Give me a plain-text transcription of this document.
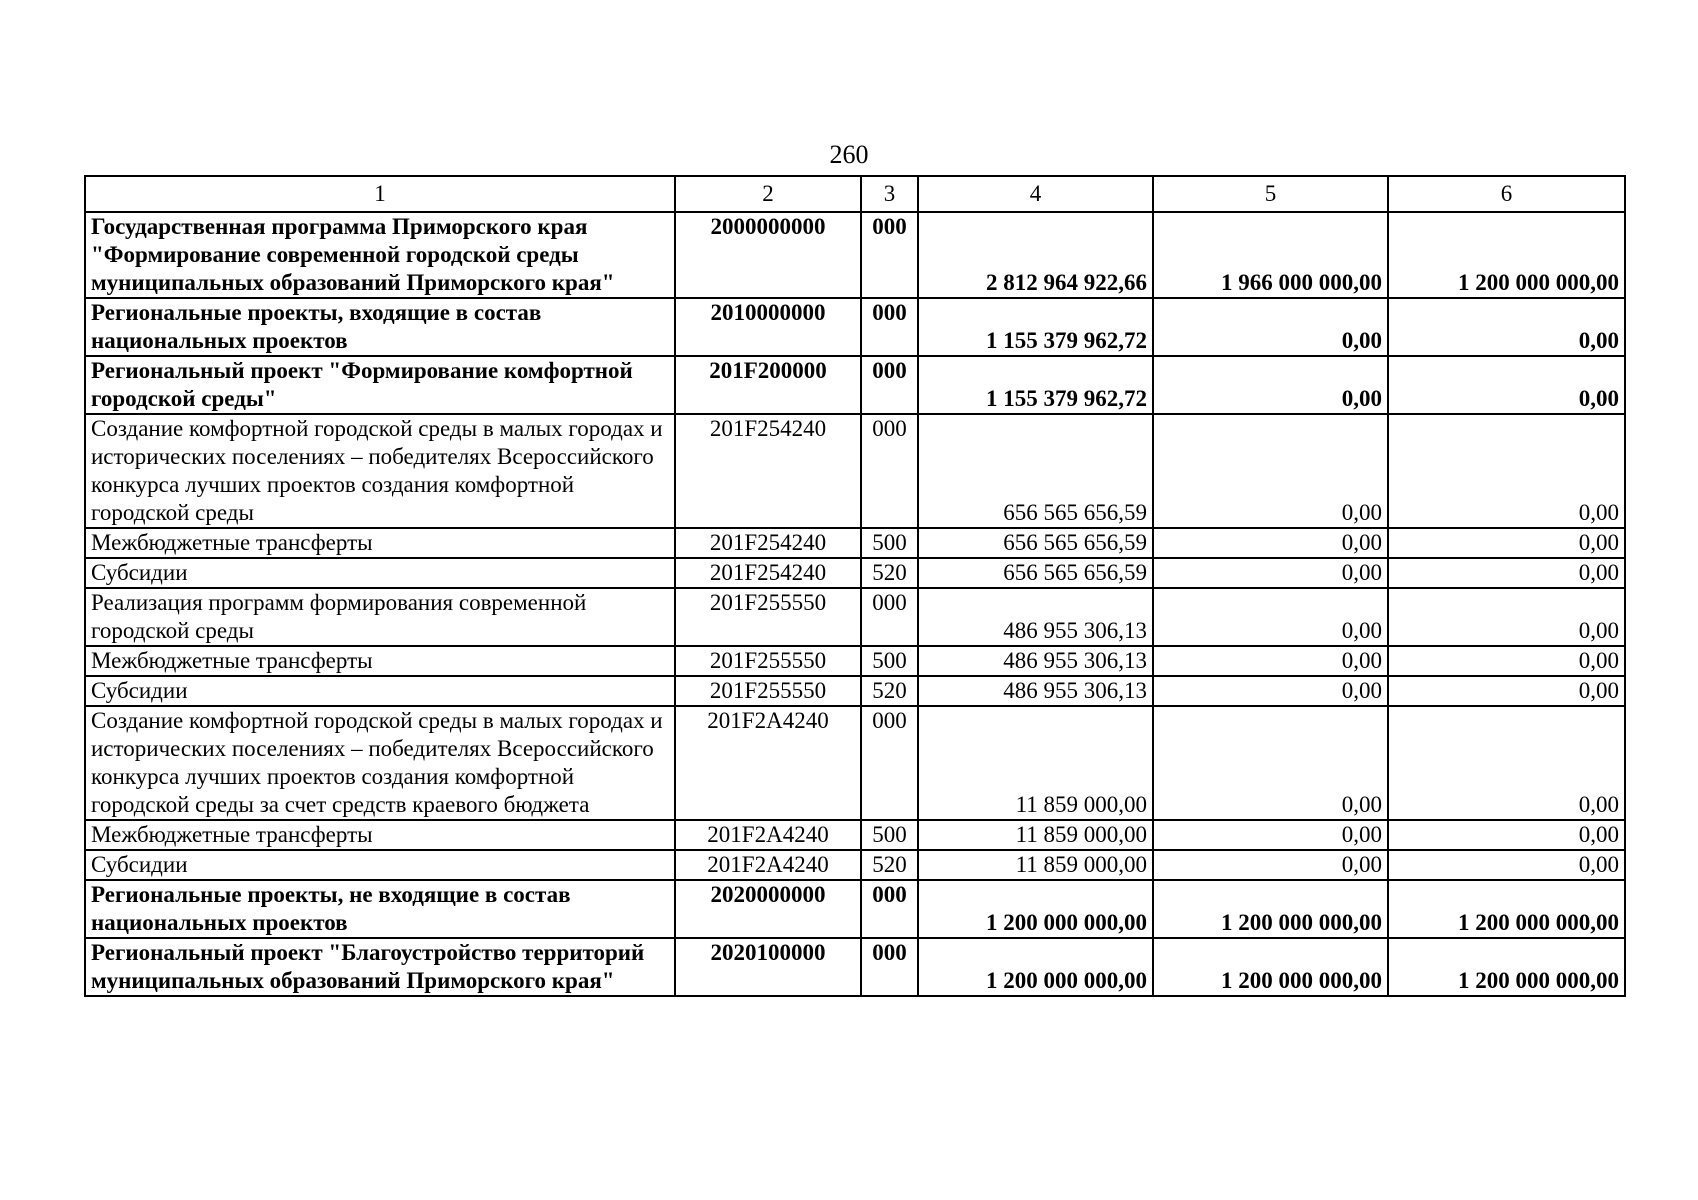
260
1	2	3	4	5	6
Государственная программа Приморского края "Формирование современной городской среды муниципальных образований Приморского края"	2000000000	000	2 812 964 922,66	1 966 000 000,00	1 200 000 000,00
Региональные проекты, входящие в состав национальных проектов	2010000000	000	1 155 379 962,72	0,00	0,00
Региональный проект "Формирование комфортной городской среды"	201F200000	000	1 155 379 962,72	0,00	0,00
Создание комфортной городской среды в малых городах и исторических поселениях – победителях Всероссийского конкурса лучших проектов создания комфортной городской среды	201F254240	000	656 565 656,59	0,00	0,00
Межбюджетные трансферты	201F254240	500	656 565 656,59	0,00	0,00
Субсидии	201F254240	520	656 565 656,59	0,00	0,00
Реализация программ формирования современной городской среды	201F255550	000	486 955 306,13	0,00	0,00
Межбюджетные трансферты	201F255550	500	486 955 306,13	0,00	0,00
Субсидии	201F255550	520	486 955 306,13	0,00	0,00
Создание комфортной городской среды в малых городах и исторических поселениях – победителях Всероссийского конкурса лучших проектов создания комфортной городской среды за счет средств краевого бюджета	201F2A4240	000	11 859 000,00	0,00	0,00
Межбюджетные трансферты	201F2A4240	500	11 859 000,00	0,00	0,00
Субсидии	201F2A4240	520	11 859 000,00	0,00	0,00
Региональные проекты, не входящие в состав национальных проектов	2020000000	000	1 200 000 000,00	1 200 000 000,00	1 200 000 000,00
Региональный проект "Благоустройство территорий муниципальных образований Приморского края"	2020100000	000	1 200 000 000,00	1 200 000 000,00	1 200 000 000,00
